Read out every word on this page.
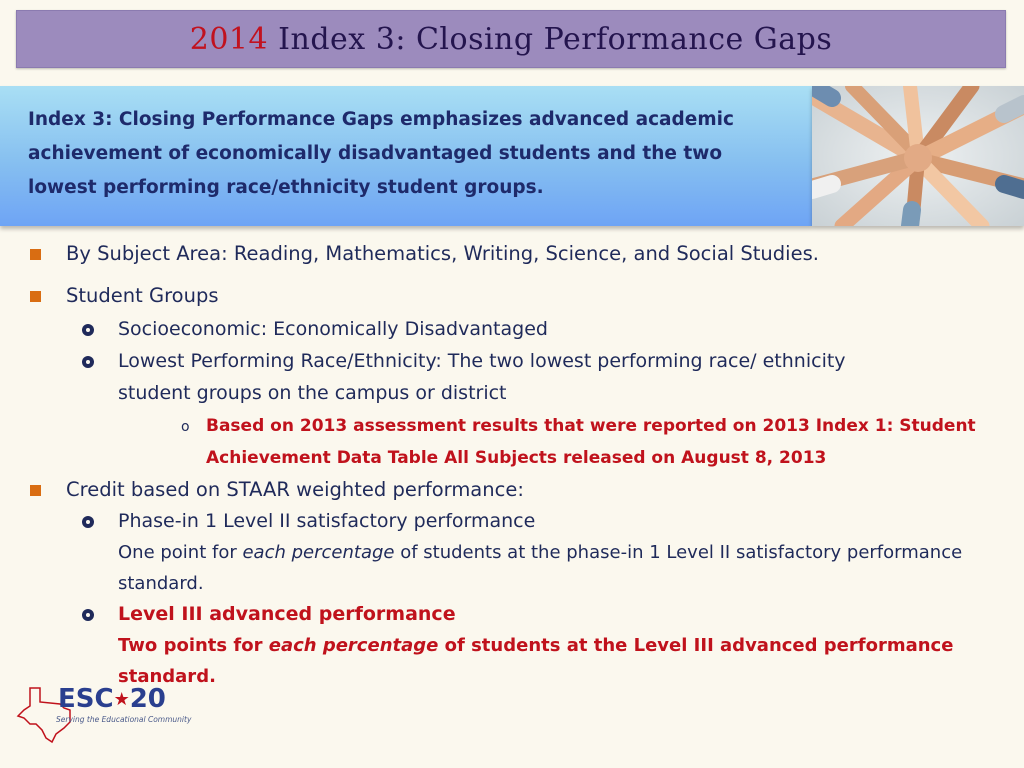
2014 Index 3: Closing Performance Gaps

Index 3: Closing Performance Gaps emphasizes advanced academic achievement of economically disadvantaged students and the two lowest performing race/ethnicity student groups.

By Subject Area: Reading, Mathematics, Writing, Science, and Social Studies.
Student Groups
Socioeconomic: Economically Disadvantaged
Lowest Performing Race/Ethnicity: The two lowest performing race/ ethnicity student groups on the campus or district
o Based on 2013 assessment results that were reported on 2013 Index 1: Student Achievement Data Table All Subjects released on August 8, 2013
Credit based on STAAR weighted performance:
Phase-in 1 Level II satisfactory performance
One point for each percentage of students at the phase-in 1 Level II satisfactory performance standard.
Level III advanced performance
Two points for each percentage of students at the Level III advanced performance standard.
ESC★20
Serving the Educational Community
